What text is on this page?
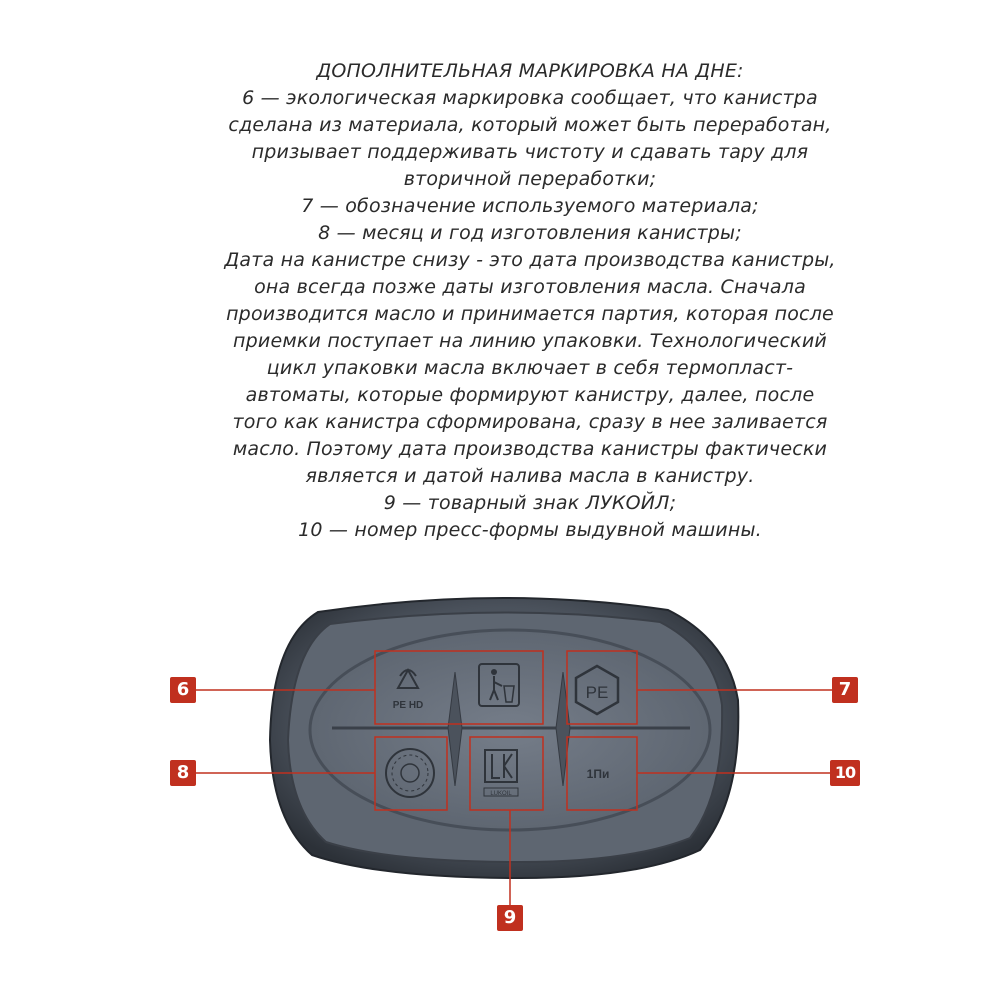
ДОПОЛНИТЕЛЬНАЯ МАРКИРОВКА НА ДНЕ:
6 — экологическая маркировка сообщает, что канистра
сделана из материала, который может быть переработан,
призывает поддерживать чистоту и сдавать тару для
вторичной переработки;
7 — обозначение используемого материала;
8 — месяц и год изготовления канистры;
Дата на канистре снизу - это дата производства канистры,
она всегда позже даты изготовления масла. Сначала
производится масло и принимается партия, которая после
приемки поступает на линию упаковки. Технологический
цикл упаковки масла включает в себя термопласт-
автоматы, которые формируют канистру, далее, после
того как канистра сформирована, сразу в нее заливается
масло. Поэтому дата производства канистры фактически
является и датой налива масла в канистру.
9 — товарный знак ЛУКОЙЛ;
10 — номер пресс-формы выдувной машины.
PE HD
PE
LUKOIL
1Пи
6	7
8	10
9
